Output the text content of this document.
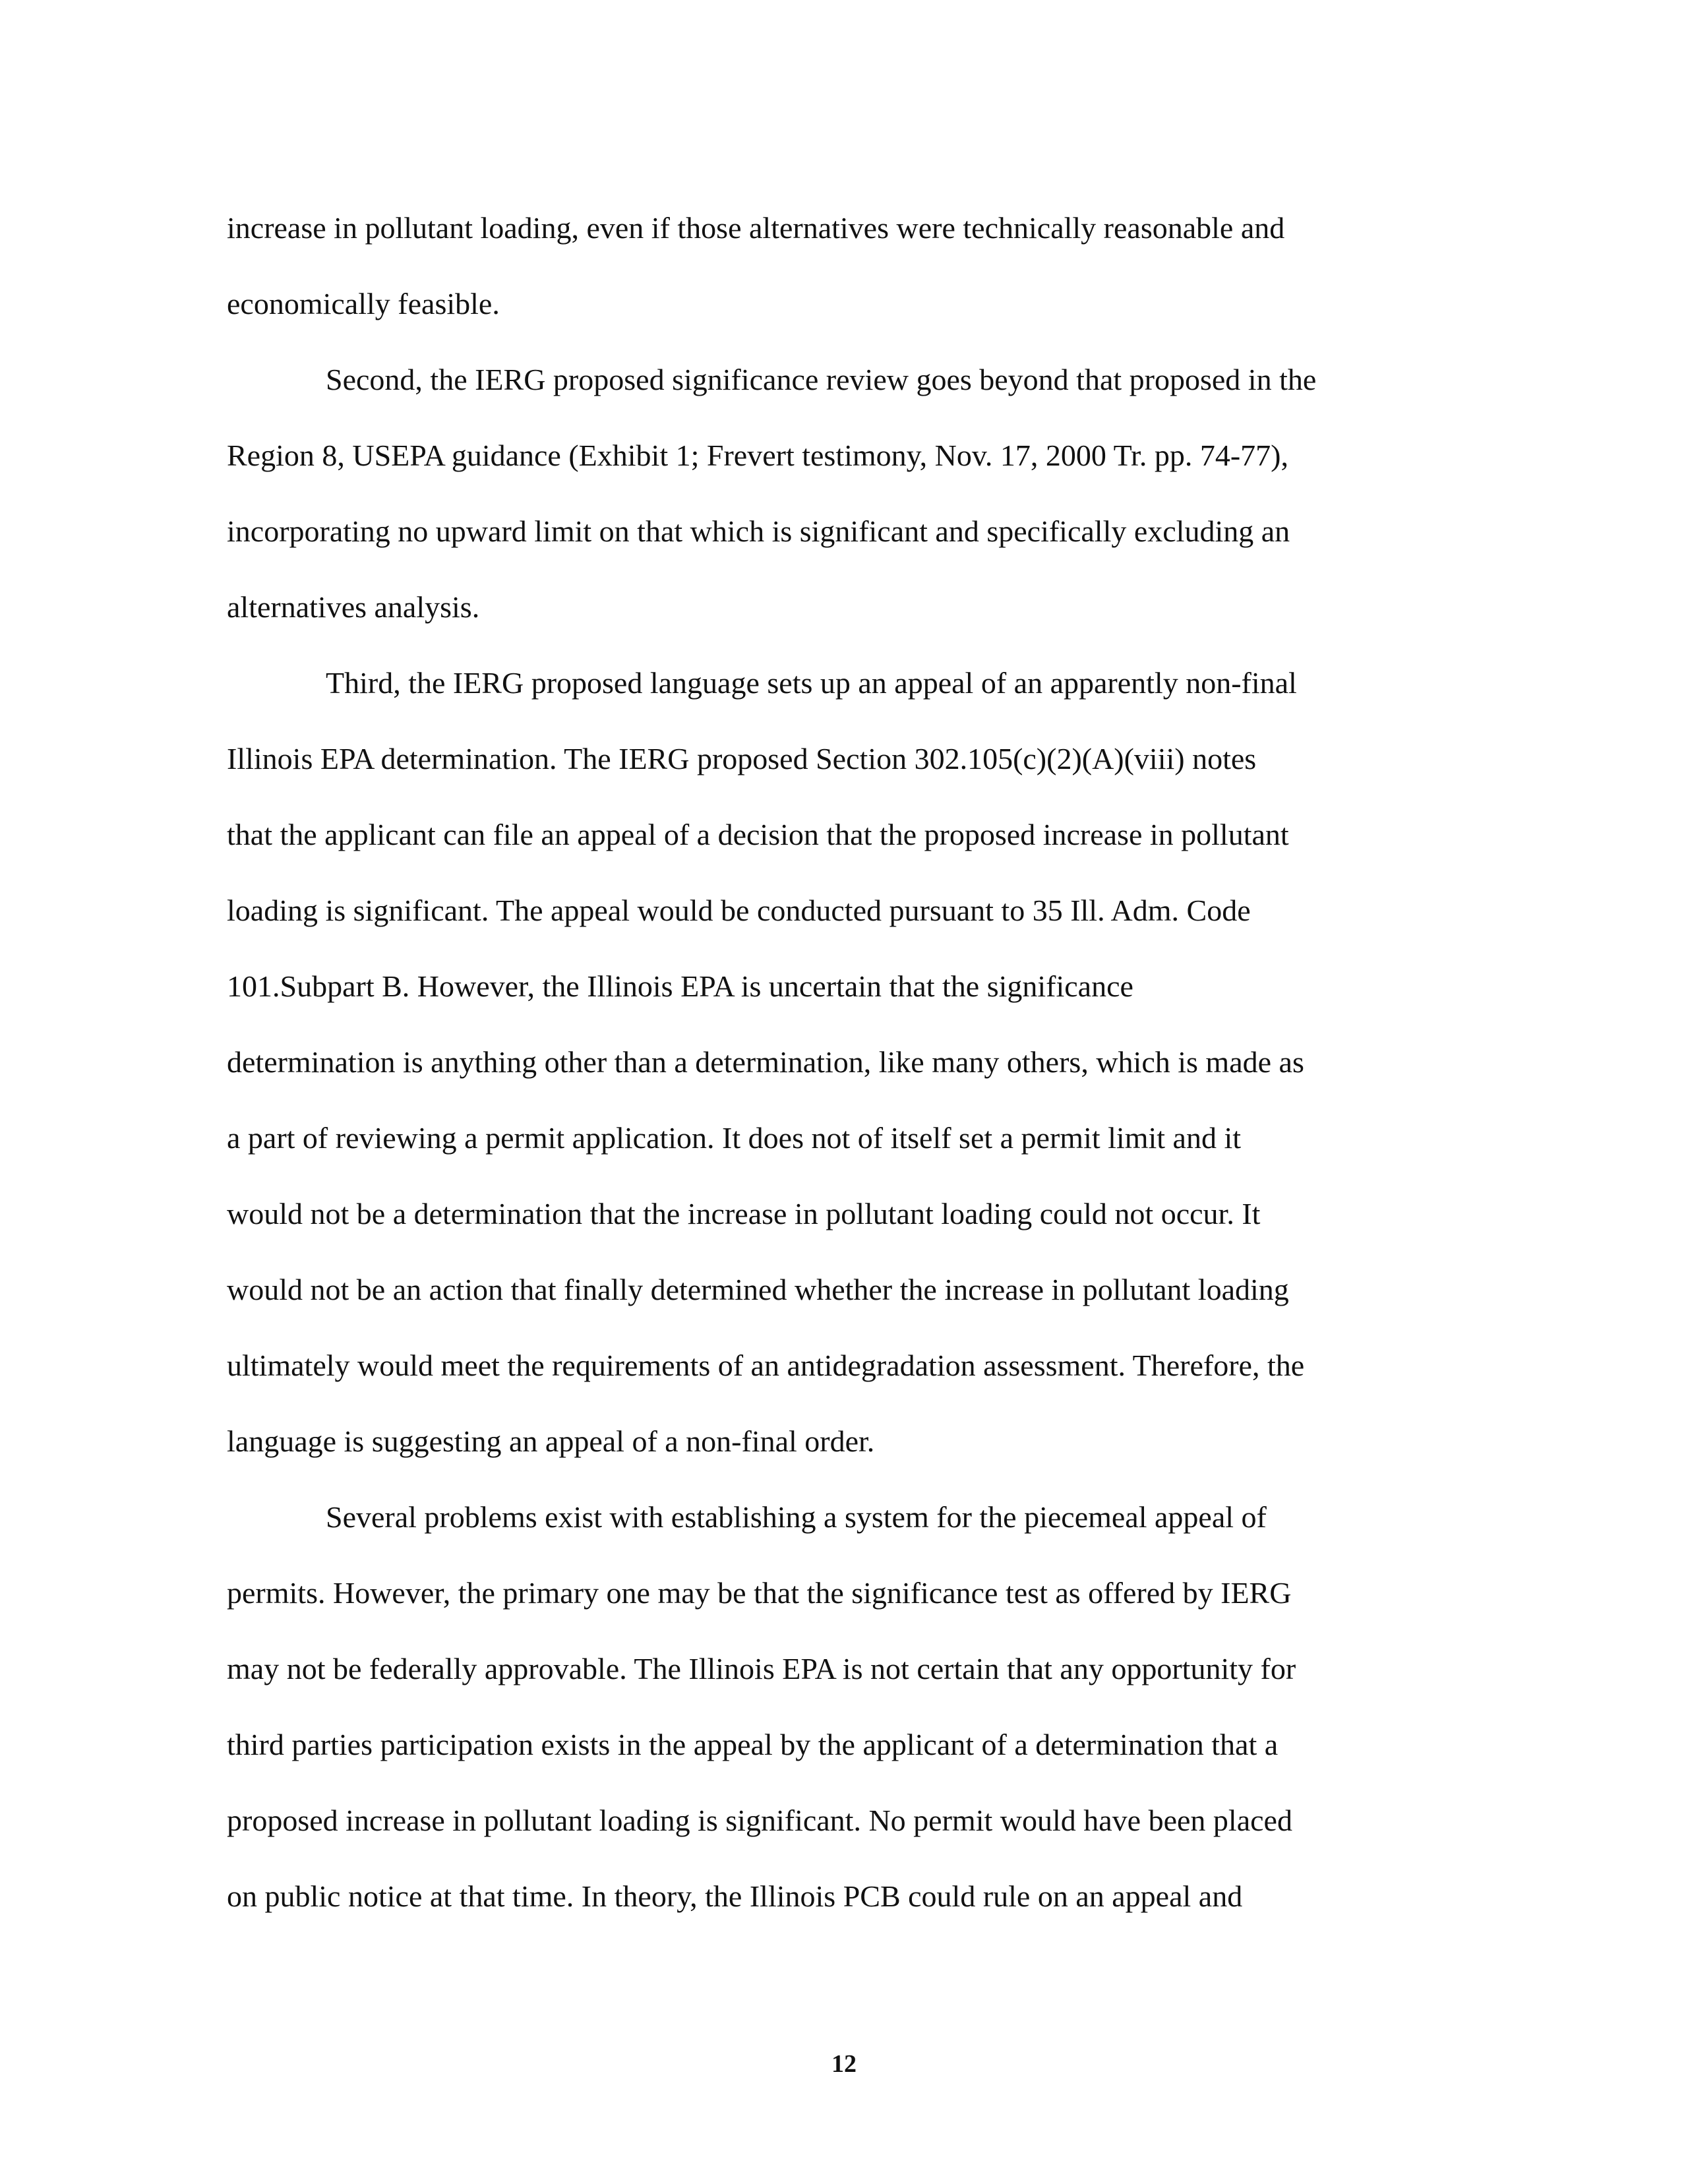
increase in pollutant loading, even if those alternatives were technically reasonable and
economically feasible.
Second, the IERG proposed significance review goes beyond that proposed in the
Region 8, USEPA guidance (Exhibit 1; Frevert testimony, Nov. 17, 2000 Tr. pp. 74-77),
incorporating no upward limit on that which is significant and specifically excluding an
alternatives analysis.
Third, the IERG proposed language sets up an appeal of an apparently non-final
Illinois EPA determination. The IERG proposed Section 302.105(c)(2)(A)(viii) notes
that the applicant can file an appeal of a decision that the proposed increase in pollutant
loading is significant. The appeal would be conducted pursuant to 35 Ill. Adm. Code
101.Subpart B. However, the Illinois EPA is uncertain that the significance
determination is anything other than a determination, like many others, which is made as
a part of reviewing a permit application. It does not of itself set a permit limit and it
would not be a determination that the increase in pollutant loading could not occur. It
would not be an action that finally determined whether the increase in pollutant loading
ultimately would meet the requirements of an antidegradation assessment. Therefore, the
language is suggesting an appeal of a non-final order.
Several problems exist with establishing a system for the piecemeal appeal of
permits. However, the primary one may be that the significance test as offered by IERG
may not be federally approvable. The Illinois EPA is not certain that any opportunity for
third parties participation exists in the appeal by the applicant of a determination that a
proposed increase in pollutant loading is significant. No permit would have been placed
on public notice at that time. In theory, the Illinois PCB could rule on an appeal and
12
